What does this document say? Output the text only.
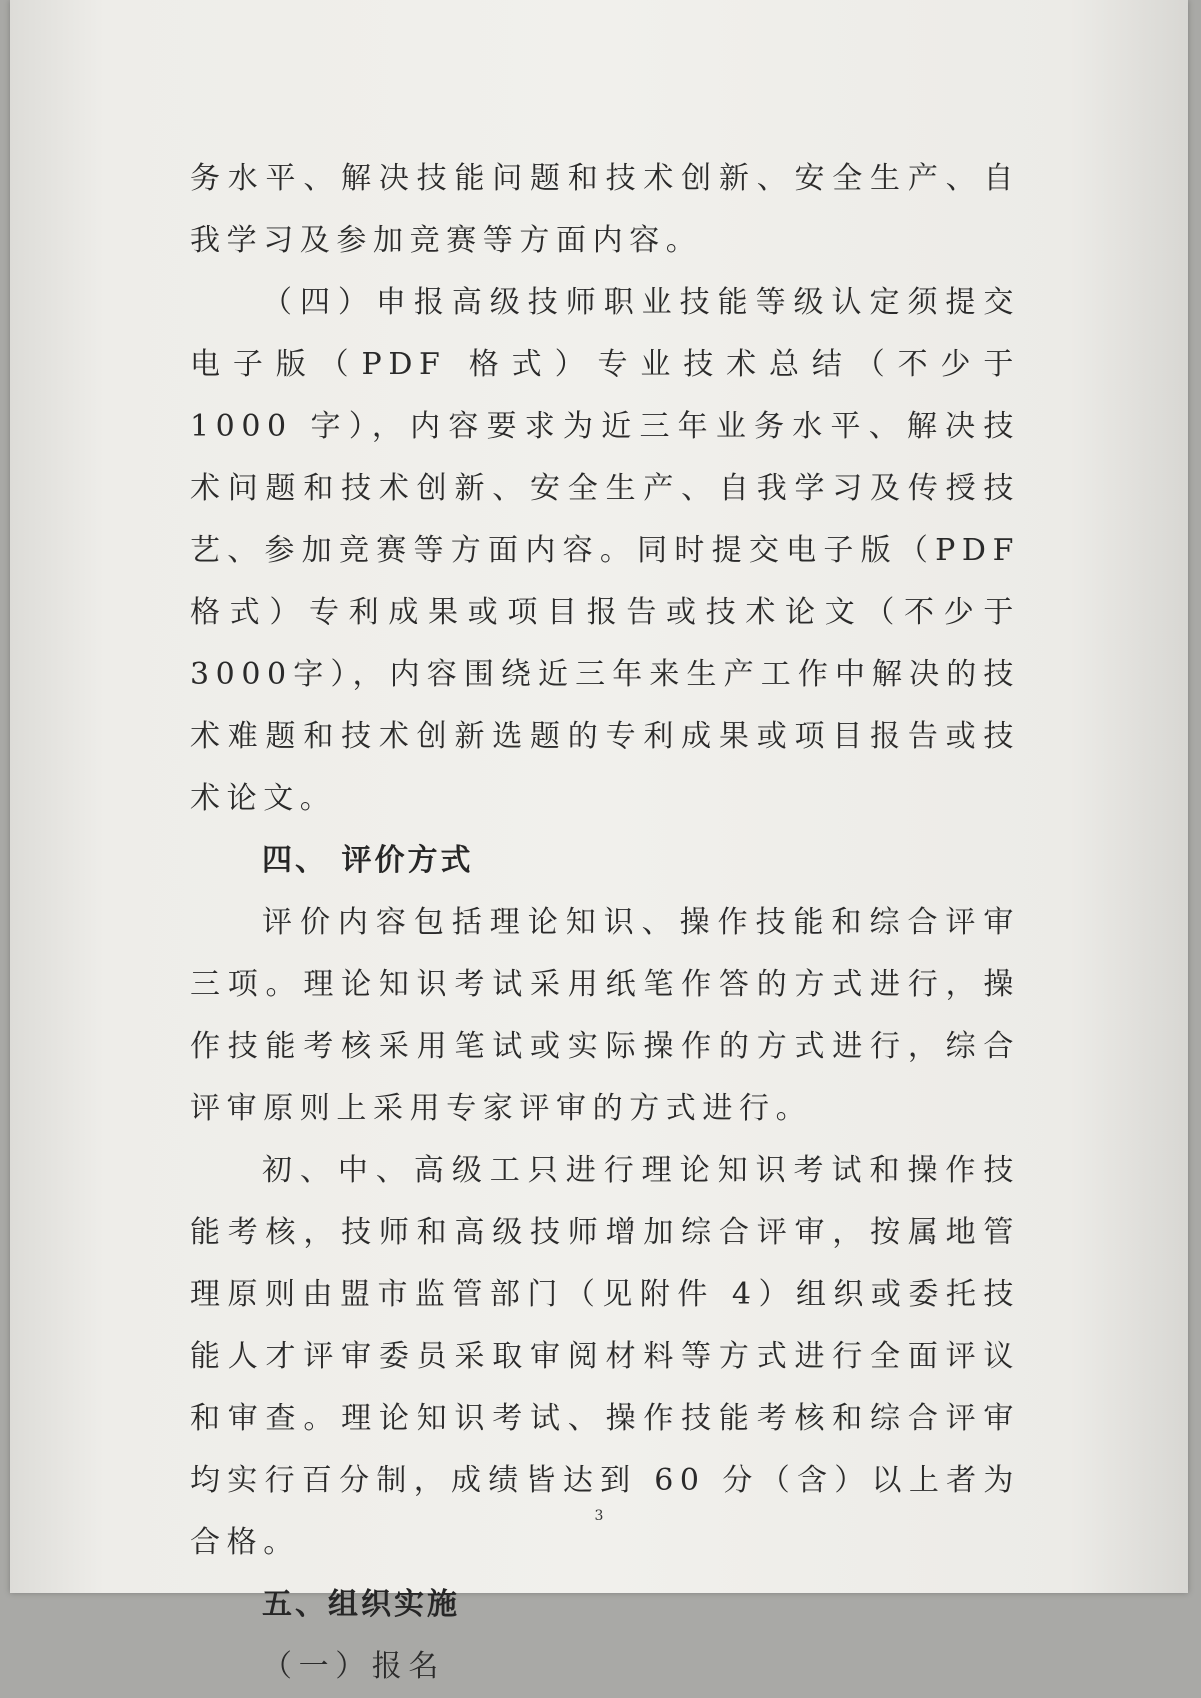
务水平、解决技能问题和技术创新、安全生产、自我学习及参加竞赛等方面内容。

（四）申报高级技师职业技能等级认定须提交电子版（PDF 格式）专业技术总结（不少于 1000 字），内容要求为近三年业务水平、解决技术问题和技术创新、安全生产、自我学习及传授技艺、参加竞赛等方面内容。同时提交电子版（PDF 格式）专利成果或项目报告或技术论文（不少于 3000字），内容围绕近三年来生产工作中解决的技术难题和技术创新选题的专利成果或项目报告或技术论文。

四、 评价方式

评价内容包括理论知识、操作技能和综合评审三项。理论知识考试采用纸笔作答的方式进行，操作技能考核采用笔试或实际操作的方式进行，综合评审原则上采用专家评审的方式进行。

初、中、高级工只进行理论知识考试和操作技能考核，技师和高级技师增加综合评审，按属地管理原则由盟市监管部门（见附件 4）组织或委托技能人才评审委员采取审阅材料等方式进行全面评议和审查。理论知识考试、操作技能考核和综合评审均实行百分制，成绩皆达到 60 分（含）以上者为合格。

五、组织实施

（一）报名

3
